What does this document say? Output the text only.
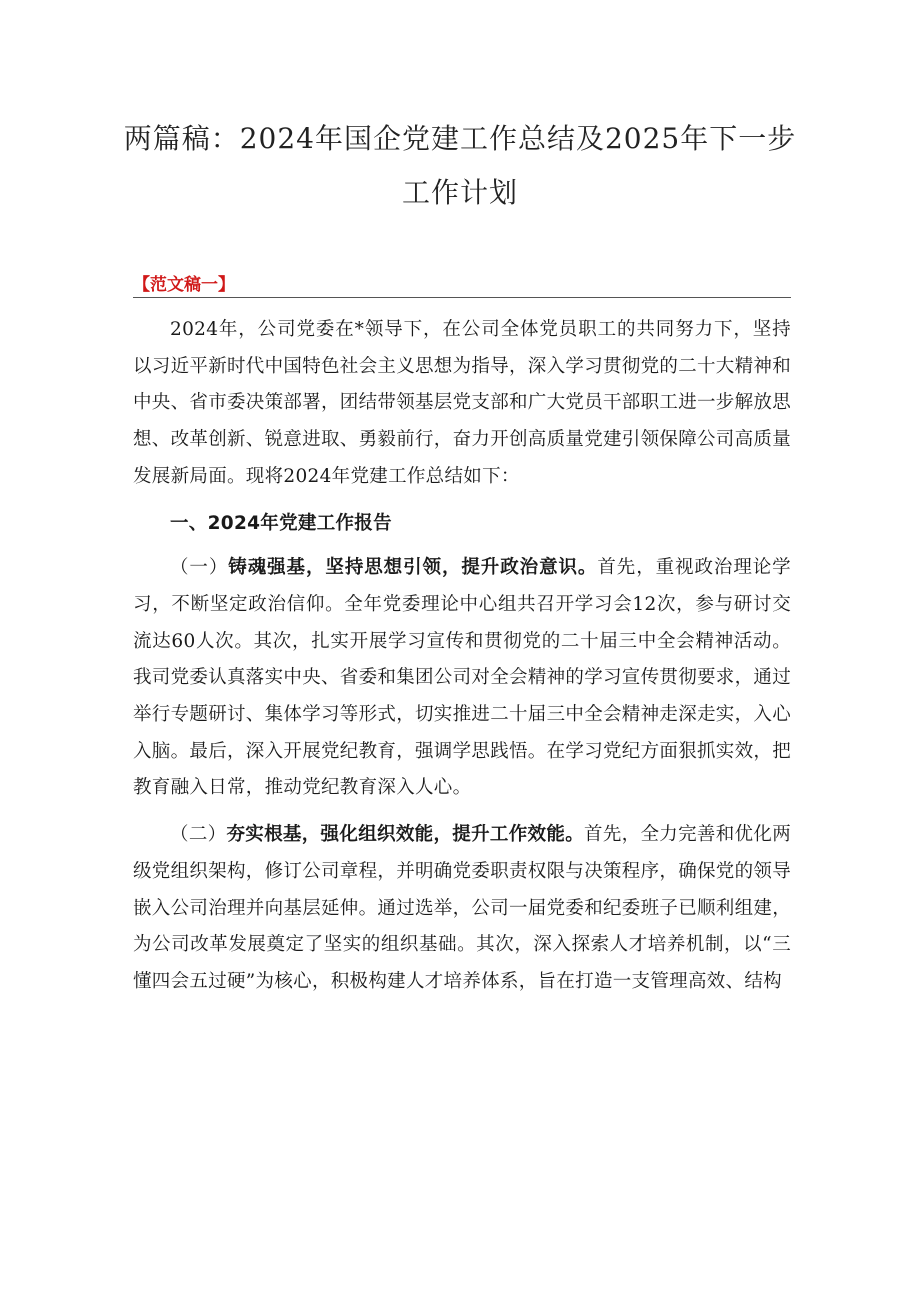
两篇稿：2024年国企党建工作总结及2025年下一步
工作计划
【范文稿一】

2024年，公司党委在*领导下，在公司全体党员职工的共同努力下，坚持以习近平新时代中国特色社会主义思想为指导，深入学习贯彻党的二十大精神和中央、省市委决策部署，团结带领基层党支部和广大党员干部职工进一步解放思想、改革创新、锐意进取、勇毅前行，奋力开创高质量党建引领保障公司高质量发展新局面。现将2024年党建工作总结如下：

一、2024年党建工作报告

（一）铸魂强基，坚持思想引领，提升政治意识。首先，重视政治理论学习，不断坚定政治信仰。全年党委理论中心组共召开学习会12次，参与研讨交流达60人次。其次，扎实开展学习宣传和贯彻党的二十届三中全会精神活动。我司党委认真落实中央、省委和集团公司对全会精神的学习宣传贯彻要求，通过举行专题研讨、集体学习等形式，切实推进二十届三中全会精神走深走实，入心入脑。最后，深入开展党纪教育，强调学思践悟。在学习党纪方面狠抓实效，把教育融入日常，推动党纪教育深入人心。

（二）夯实根基，强化组织效能，提升工作效能。首先，全力完善和优化两级党组织架构，修订公司章程，并明确党委职责权限与决策程序，确保党的领导嵌入公司治理并向基层延伸。通过选举，公司一届党委和纪委班子已顺利组建，为公司改革发展奠定了坚实的组织基础。其次，深入探索人才培养机制，以“三懂四会五过硬”为核心，积极构建人才培养体系，旨在打造一支管理高效、结构
